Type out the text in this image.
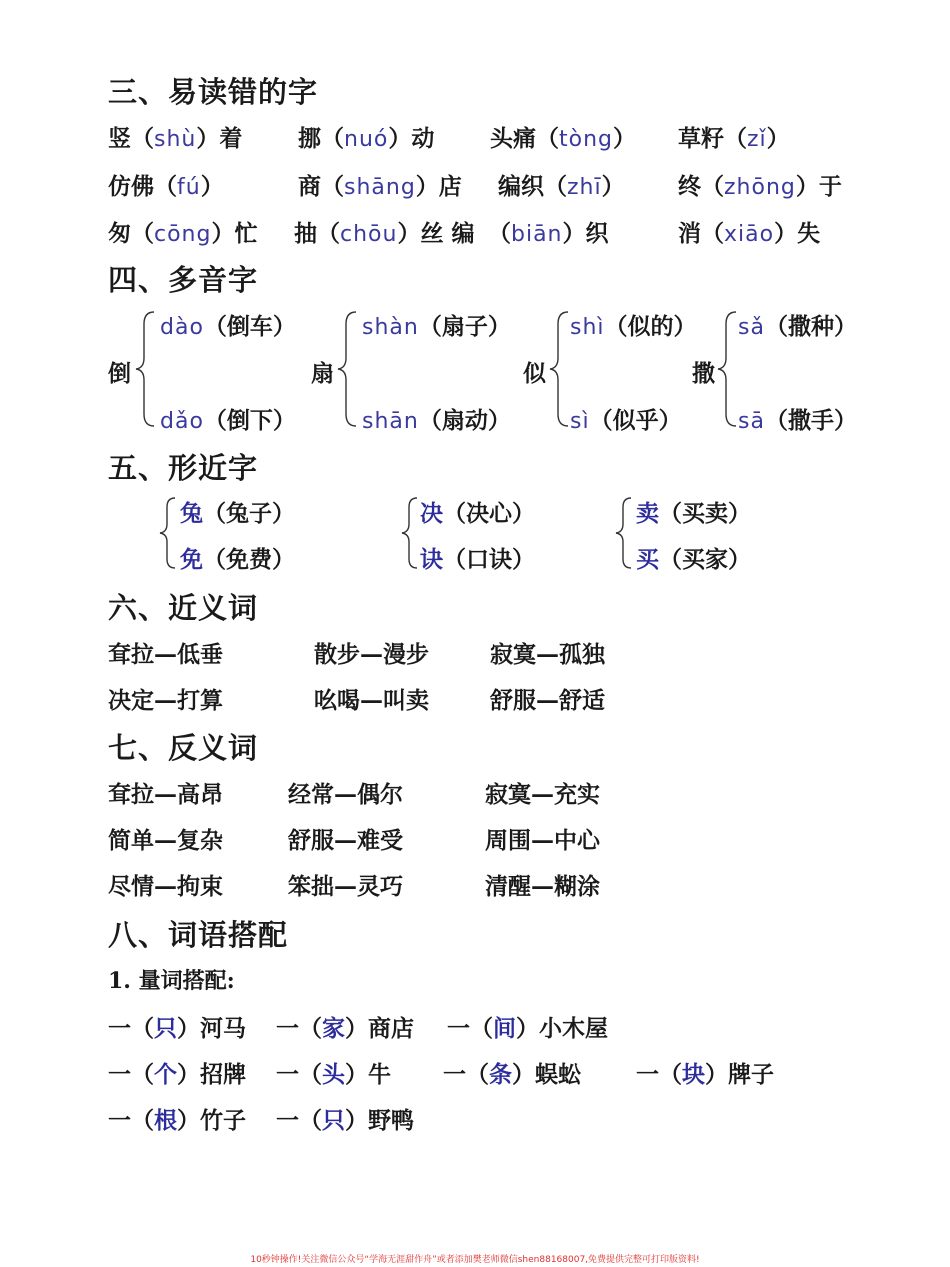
三、易读错的字
竖（shù）着 挪（nuó）动 头痛（tòng） 草籽（zǐ）
仿佛（fú）	商（shāng）店 编织（zhī） 终（zhōng）于
匆（cōng）忙 抽（chōu）丝 编 （biān）织	消（xiāo）失
四、多音字
倒
dào（倒车）
dǎo（倒下）
扇
shàn（扇子）
shān（扇动）
似
shì（似的）
sì（似乎）
撒
sǎ（撒种）
sā（撒手）
五、形近字
兔（兔子）
免（免费）
决（决心）
诀（口诀）
卖（买卖）
买（买家）
六、近义词
耷拉—低垂	散步—漫步	寂寞—孤独
决定—打算	吆喝—叫卖	舒服—舒适
七、反义词
耷拉—高昂	经常—偶尔	寂寞—充实
简单—复杂	舒服—难受	周围—中心
尽情—拘束	笨拙—灵巧	清醒—糊涂
八、词语搭配
1. 量词搭配:
一（只）河马 一（家）商店 一（间）小木屋
一（个）招牌 一（头）牛 一（条）蜈蚣 一（块）牌子
一（根）竹子 一（只）野鸭
10秒钟操作!关注微信公众号“学海无涯甜作舟”或者添加樊老师微信shen88168007,免费提供完整可打印版资料!
